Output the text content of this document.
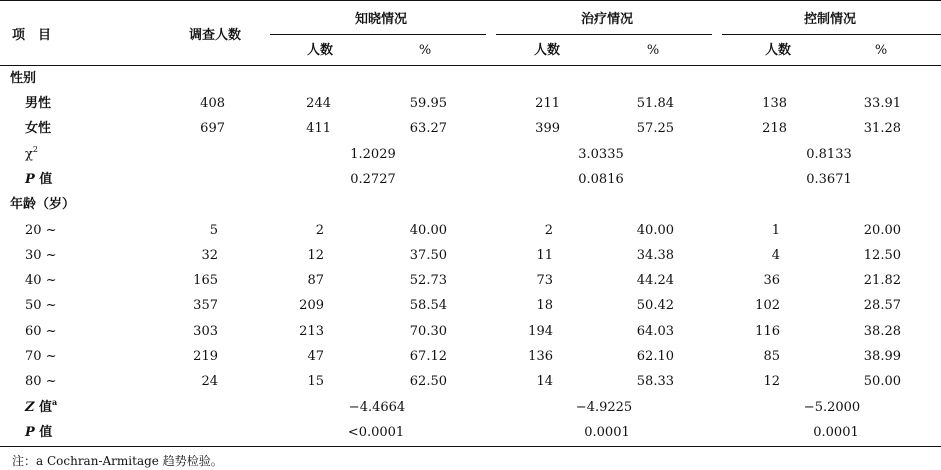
项　目	调查人数
知晓情况	治疗情况	控制情况
人数	%	人数	%	人数	%
性别
男性	408	244	59.95	211	51.84	138	33.91
女性	697	411	63.27	399	57.25	218	31.28
$\chi^2$	1.2029	3.0335	0.8133
P 值	0.2727	0.0816	0.3671
年龄（岁）
20 ~	5	2	40.00	2	40.00	1	20.00
30 ~	32	12	37.50	11	34.38	4	12.50
40 ~	165	87	52.73	73	44.24	36	21.82
50 ~	357	209	58.54	18	50.42	102	28.57
60 ~	303	213	70.30	194	64.03	116	38.28
70 ~	219	47	67.12	136	62.10	85	38.99
80 ~	24	15	62.50	14	58.33	12	50.00
Z 值$^a$	−4.4664	−4.9225	−5.2000
P 值	<0.0001	0.0001	0.0001
注：a Cochran-Armitage 趋势检验。
